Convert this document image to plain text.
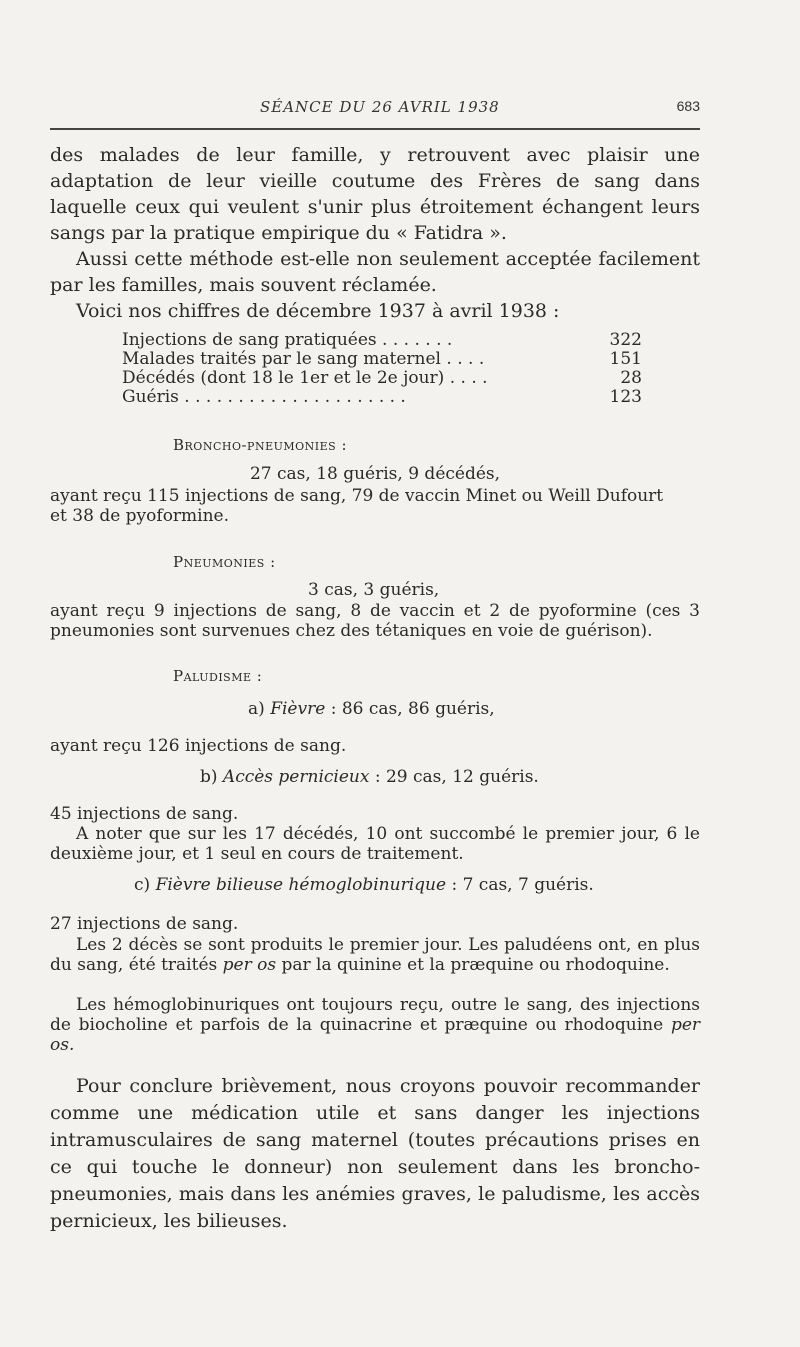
SÉANCE DU 26 AVRIL 1938	683

des malades de leur famille, y retrouvent avec plaisir une adaptation de leur vieille coutume des Frères de sang dans laquelle ceux qui veulent s'unir plus étroitement échangent leurs sangs par la pratique empirique du « Fatidra ».

Aussi cette méthode est-elle non seulement acceptée facilement par les familles, mais souvent réclamée.

Voici nos chiffres de décembre 1937 à avril 1938 :

Injections de sang pratiquées . . . . . . .	322
Malades traités par le sang maternel . . . .	151
Décédés (dont 18 le 1er et le 2e jour) . . . .	28
Guéris . . . . . . . . . . . . . . . . . . . . .	123
Broncho-pneumonies :
27 cas, 18 guéris, 9 décédés,
ayant reçu 115 injections de sang, 79 de vaccin Minet ou Weill Dufourt
et 38 de pyoformine.
Pneumonies :
3 cas, 3 guéris,
ayant reçu 9 injections de sang, 8 de vaccin et 2 de pyoformine (ces 3 pneumonies sont survenues chez des tétaniques en voie de guérison).
Paludisme :
a) Fièvre : 86 cas, 86 guéris,
ayant reçu 126 injections de sang.
b) Accès pernicieux : 29 cas, 12 guéris.
45 injections de sang.
A noter que sur les 17 décédés, 10 ont succombé le premier jour, 6 le deuxième jour, et 1 seul en cours de traitement.
c) Fièvre bilieuse hémoglobinurique : 7 cas, 7 guéris.
27 injections de sang.
Les 2 décès se sont produits le premier jour. Les paludéens ont, en plus du sang, été traités per os par la quinine et la præquine ou rhodoquine.
Les hémoglobinuriques ont toujours reçu, outre le sang, des injections de biocholine et parfois de la quinacrine et præquine ou rhodoquine per os.

Pour conclure brièvement, nous croyons pouvoir recommander comme une médication utile et sans danger les injections intramusculaires de sang maternel (toutes précautions prises en ce qui touche le donneur) non seulement dans les broncho-pneumonies, mais dans les anémies graves, le paludisme, les accès pernicieux, les bilieuses.
